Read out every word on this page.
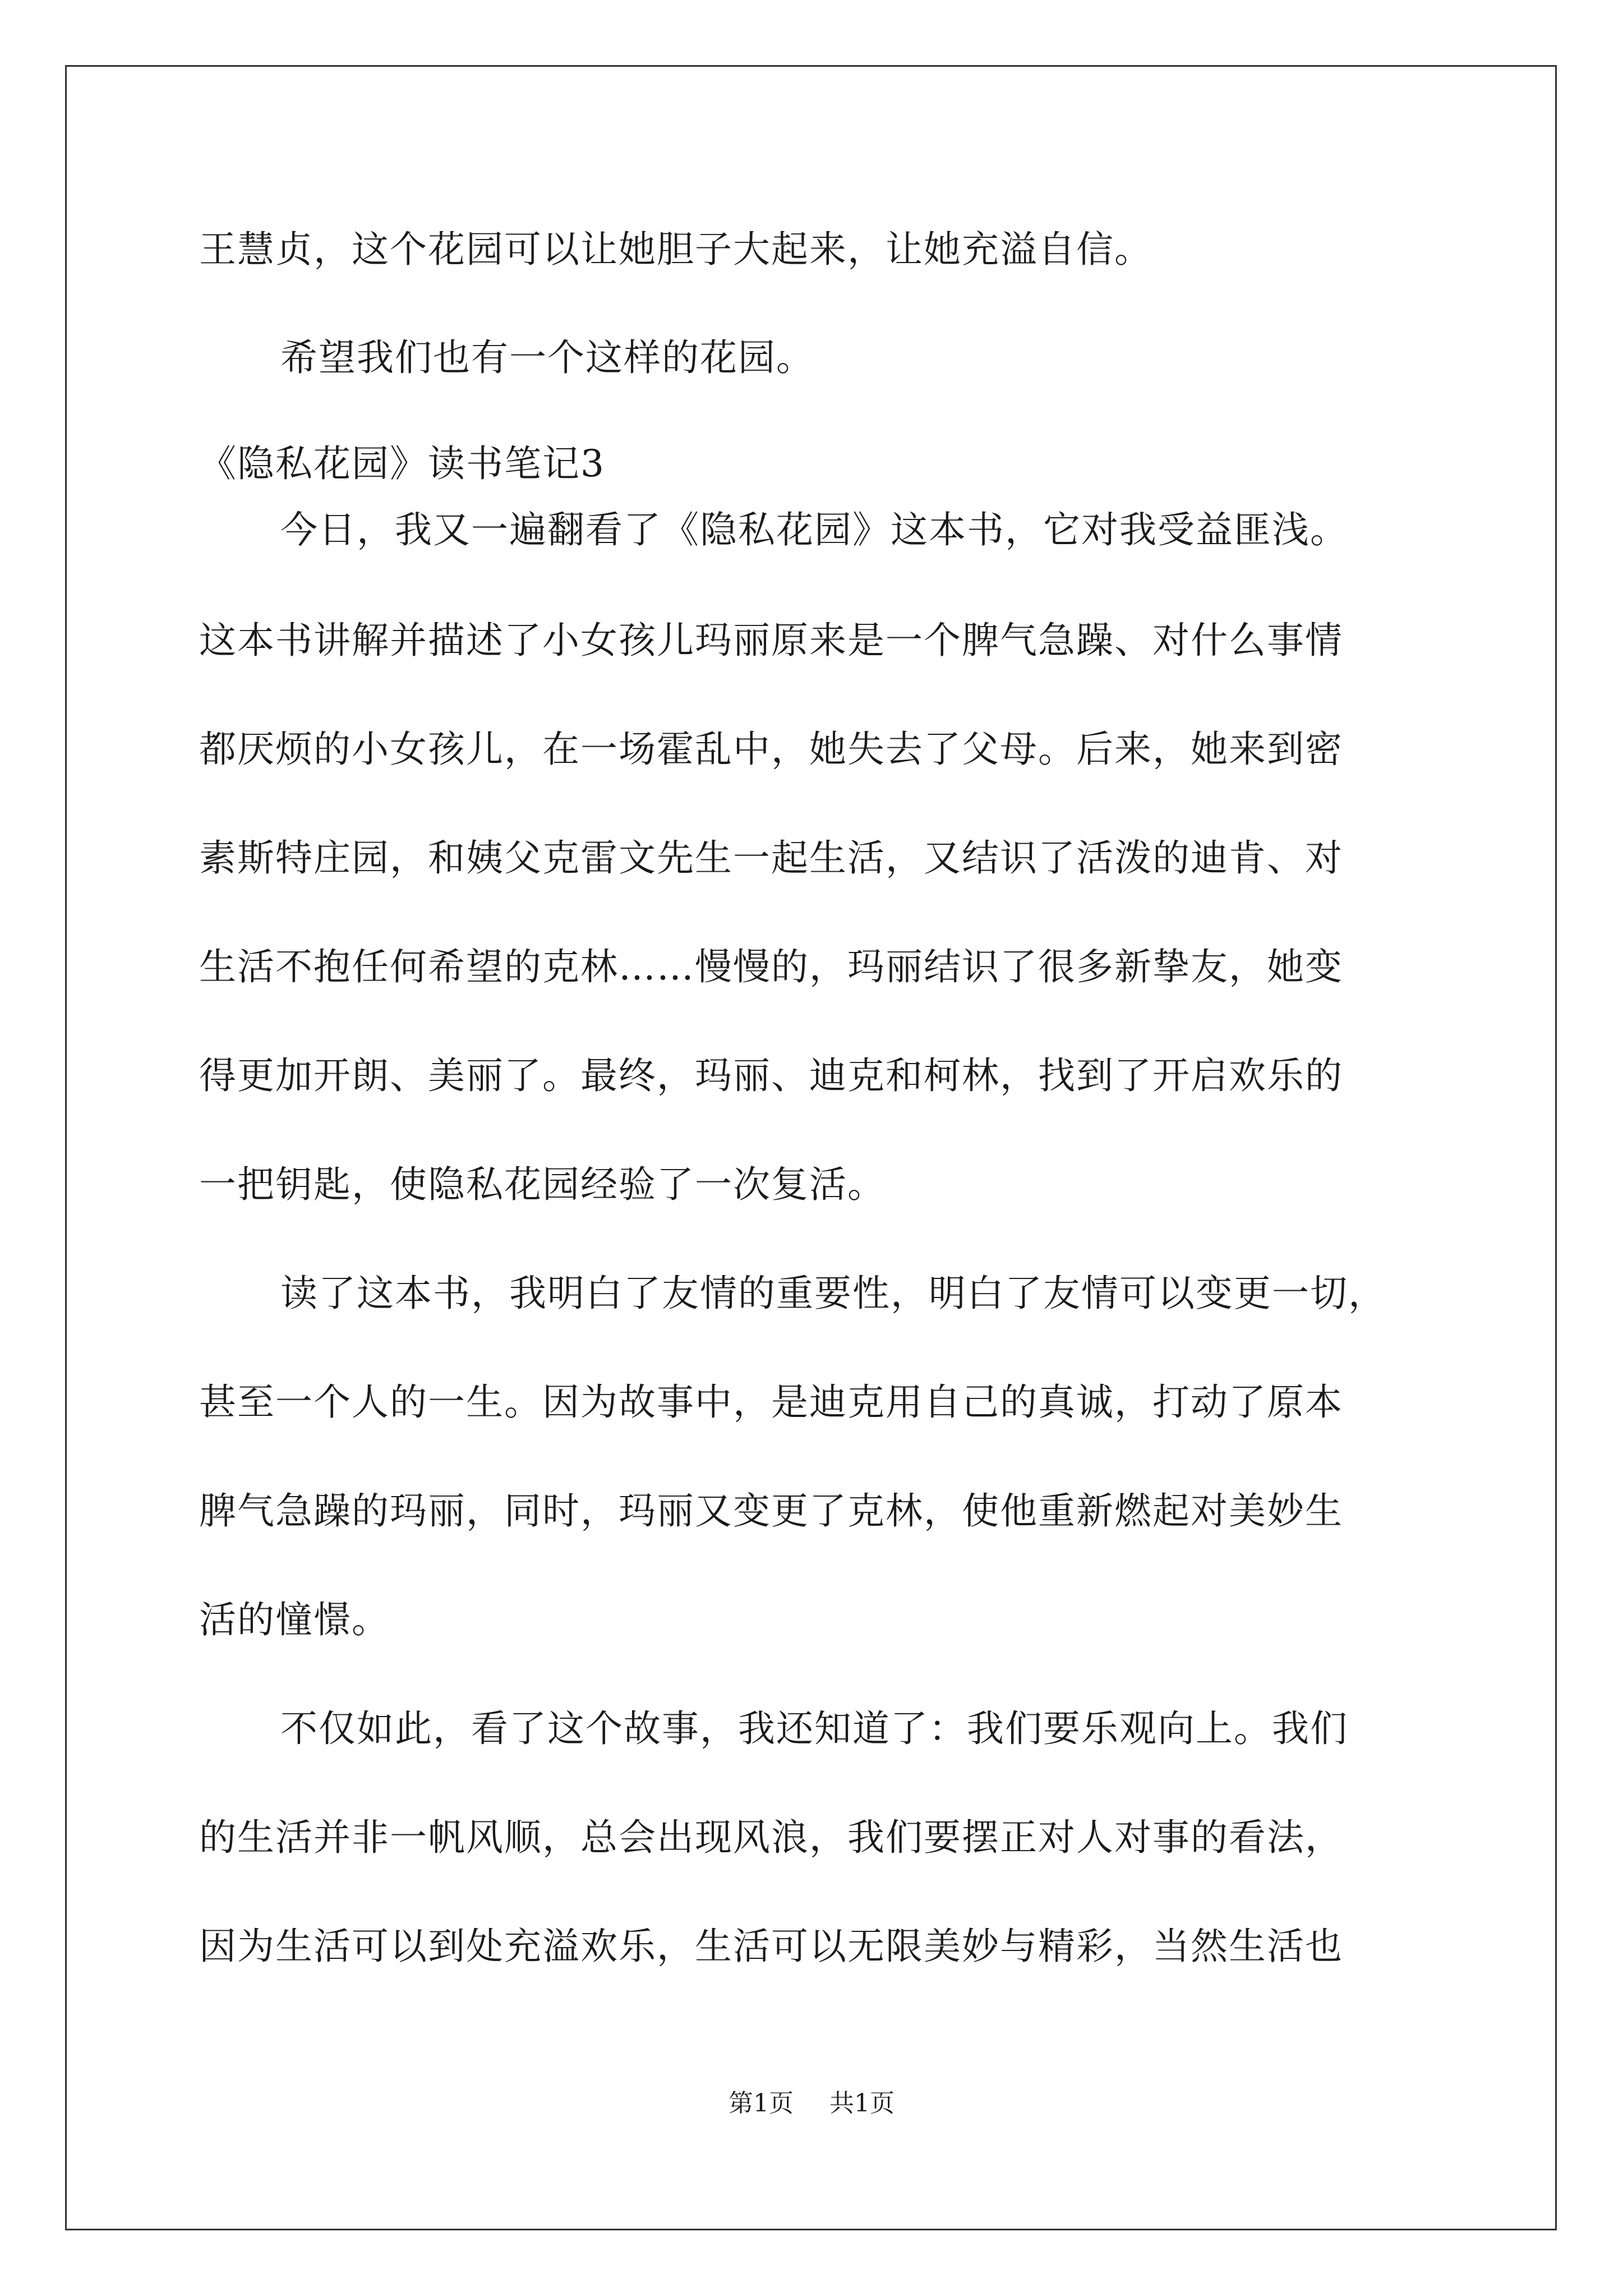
王慧贞，这个花园可以让她胆子大起来，让她充溢自信。
希望我们也有一个这样的花园。
《隐私花园》读书笔记3
今日，我又一遍翻看了《隐私花园》这本书，它对我受益匪浅。
这本书讲解并描述了小女孩儿玛丽原来是一个脾气急躁、对什么事情
都厌烦的小女孩儿，在一场霍乱中，她失去了父母。后来，她来到密
素斯特庄园，和姨父克雷文先生一起生活，又结识了活泼的迪肯、对
生活不抱任何希望的克林……慢慢的，玛丽结识了很多新挚友，她变
得更加开朗、美丽了。最终，玛丽、迪克和柯林，找到了开启欢乐的
一把钥匙，使隐私花园经验了一次复活。
读了这本书，我明白了友情的重要性，明白了友情可以变更一切，
甚至一个人的一生。因为故事中，是迪克用自己的真诚，打动了原本
脾气急躁的玛丽，同时，玛丽又变更了克林，使他重新燃起对美妙生
活的憧憬。
不仅如此，看了这个故事，我还知道了：我们要乐观向上。我们
的生活并非一帆风顺，总会出现风浪，我们要摆正对人对事的看法，
因为生活可以到处充溢欢乐，生活可以无限美妙与精彩，当然生活也
第1页 共1页
